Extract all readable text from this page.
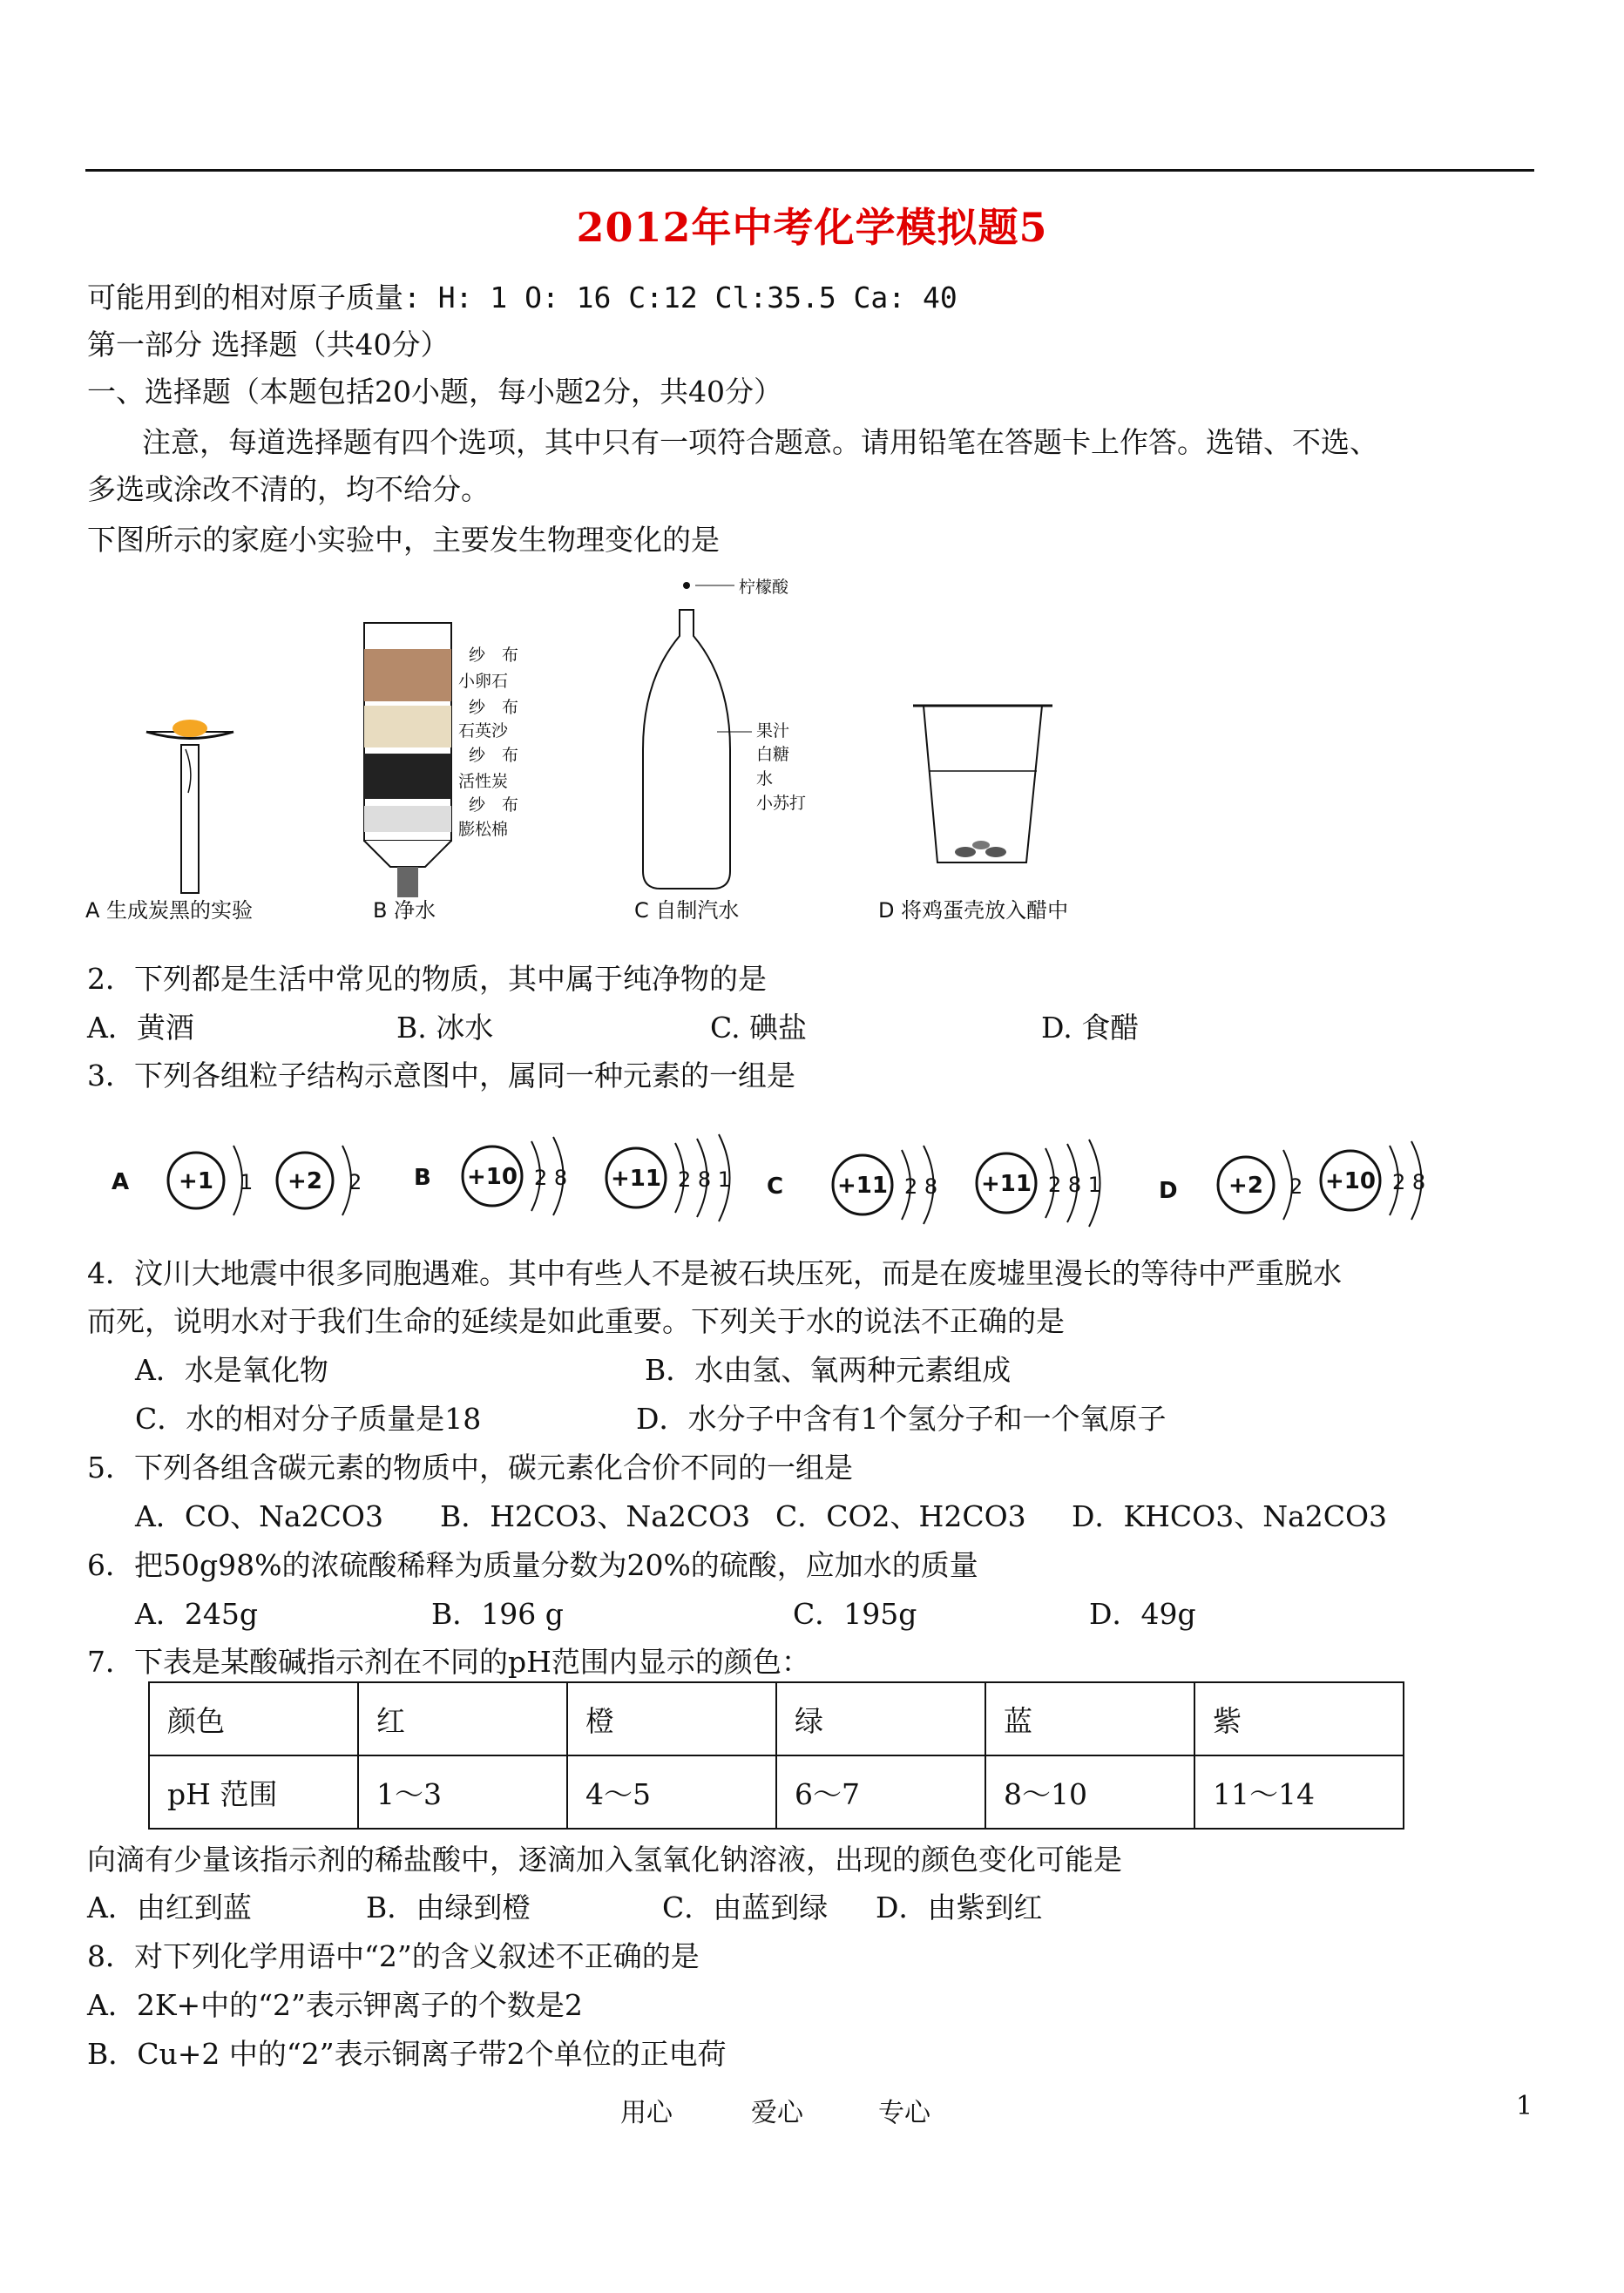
2012年中考化学模拟题5
可能用到的相对原子质量: H: 1 O: 16 C:12 Cl:35.5 Ca: 40
第一部分 选择题（共40分）
一、选择题（本题包括20小题，每小题2分，共40分）
注意，每道选择题有四个选项，其中只有一项符合题意。请用铅笔在答题卡上作答。选错、不选、
多选或涂改不清的，均不给分。
下图所示的家庭小实验中，主要发生物理变化的是
A 生成炭黑的实验
纱　布
小卵石
纱　布
石英沙
纱　布
活性炭
纱　布
膨松棉
B 净水
柠檬酸
果汁
白糖
水
小苏打
C 自制汽水	D 将鸡蛋壳放入醋中
2．下列都是生活中常见的物质，其中属于纯净物的是
A．黄酒	B. 冰水	C. 碘盐	D. 食醋
3．下列各组粒子结构示意图中，属同一种元素的一组是
A	B	C	D
+1 1 +2 2	+10 2 8 +11 2 8 1	+11 2 8 +11 2 8 1	+2 2 +10 2 8
4．汶川大地震中很多同胞遇难。其中有些人不是被石块压死，而是在废墟里漫长的等待中严重脱水
而死，说明水对于我们生命的延续是如此重要。下列关于水的说法不正确的是
A．水是氧化物	B．水由氢、氧两种元素组成
C．水的相对分子质量是18	D．水分子中含有1个氢分子和一个氧原子
5．下列各组含碳元素的物质中，碳元素化合价不同的一组是
A．CO、Na2CO3 B．H2CO3、Na2CO3 C．CO2、H2CO3 D．KHCO3、Na2CO3
6．把50g98%的浓硫酸稀释为质量分数为20%的硫酸，应加水的质量
A．245g	B．196 g	C．195g	D．49g
7．下表是某酸碱指示剂在不同的pH范围内显示的颜色：
颜色	红	橙	绿	蓝	紫
pH 范围	1～3	4～5	6～7	8～10	11～14
向滴有少量该指示剂的稀盐酸中，逐滴加入氢氧化钠溶液，出现的颜色变化可能是
A．由红到蓝	B．由绿到橙	C．由蓝到绿 D．由紫到红
8．对下列化学用语中“2”的含义叙述不正确的是
A．2K+中的“2”表示钾离子的个数是2
B．Cu+2 中的“2”表示铜离子带2个单位的正电荷
用心	爱心	专心	1
